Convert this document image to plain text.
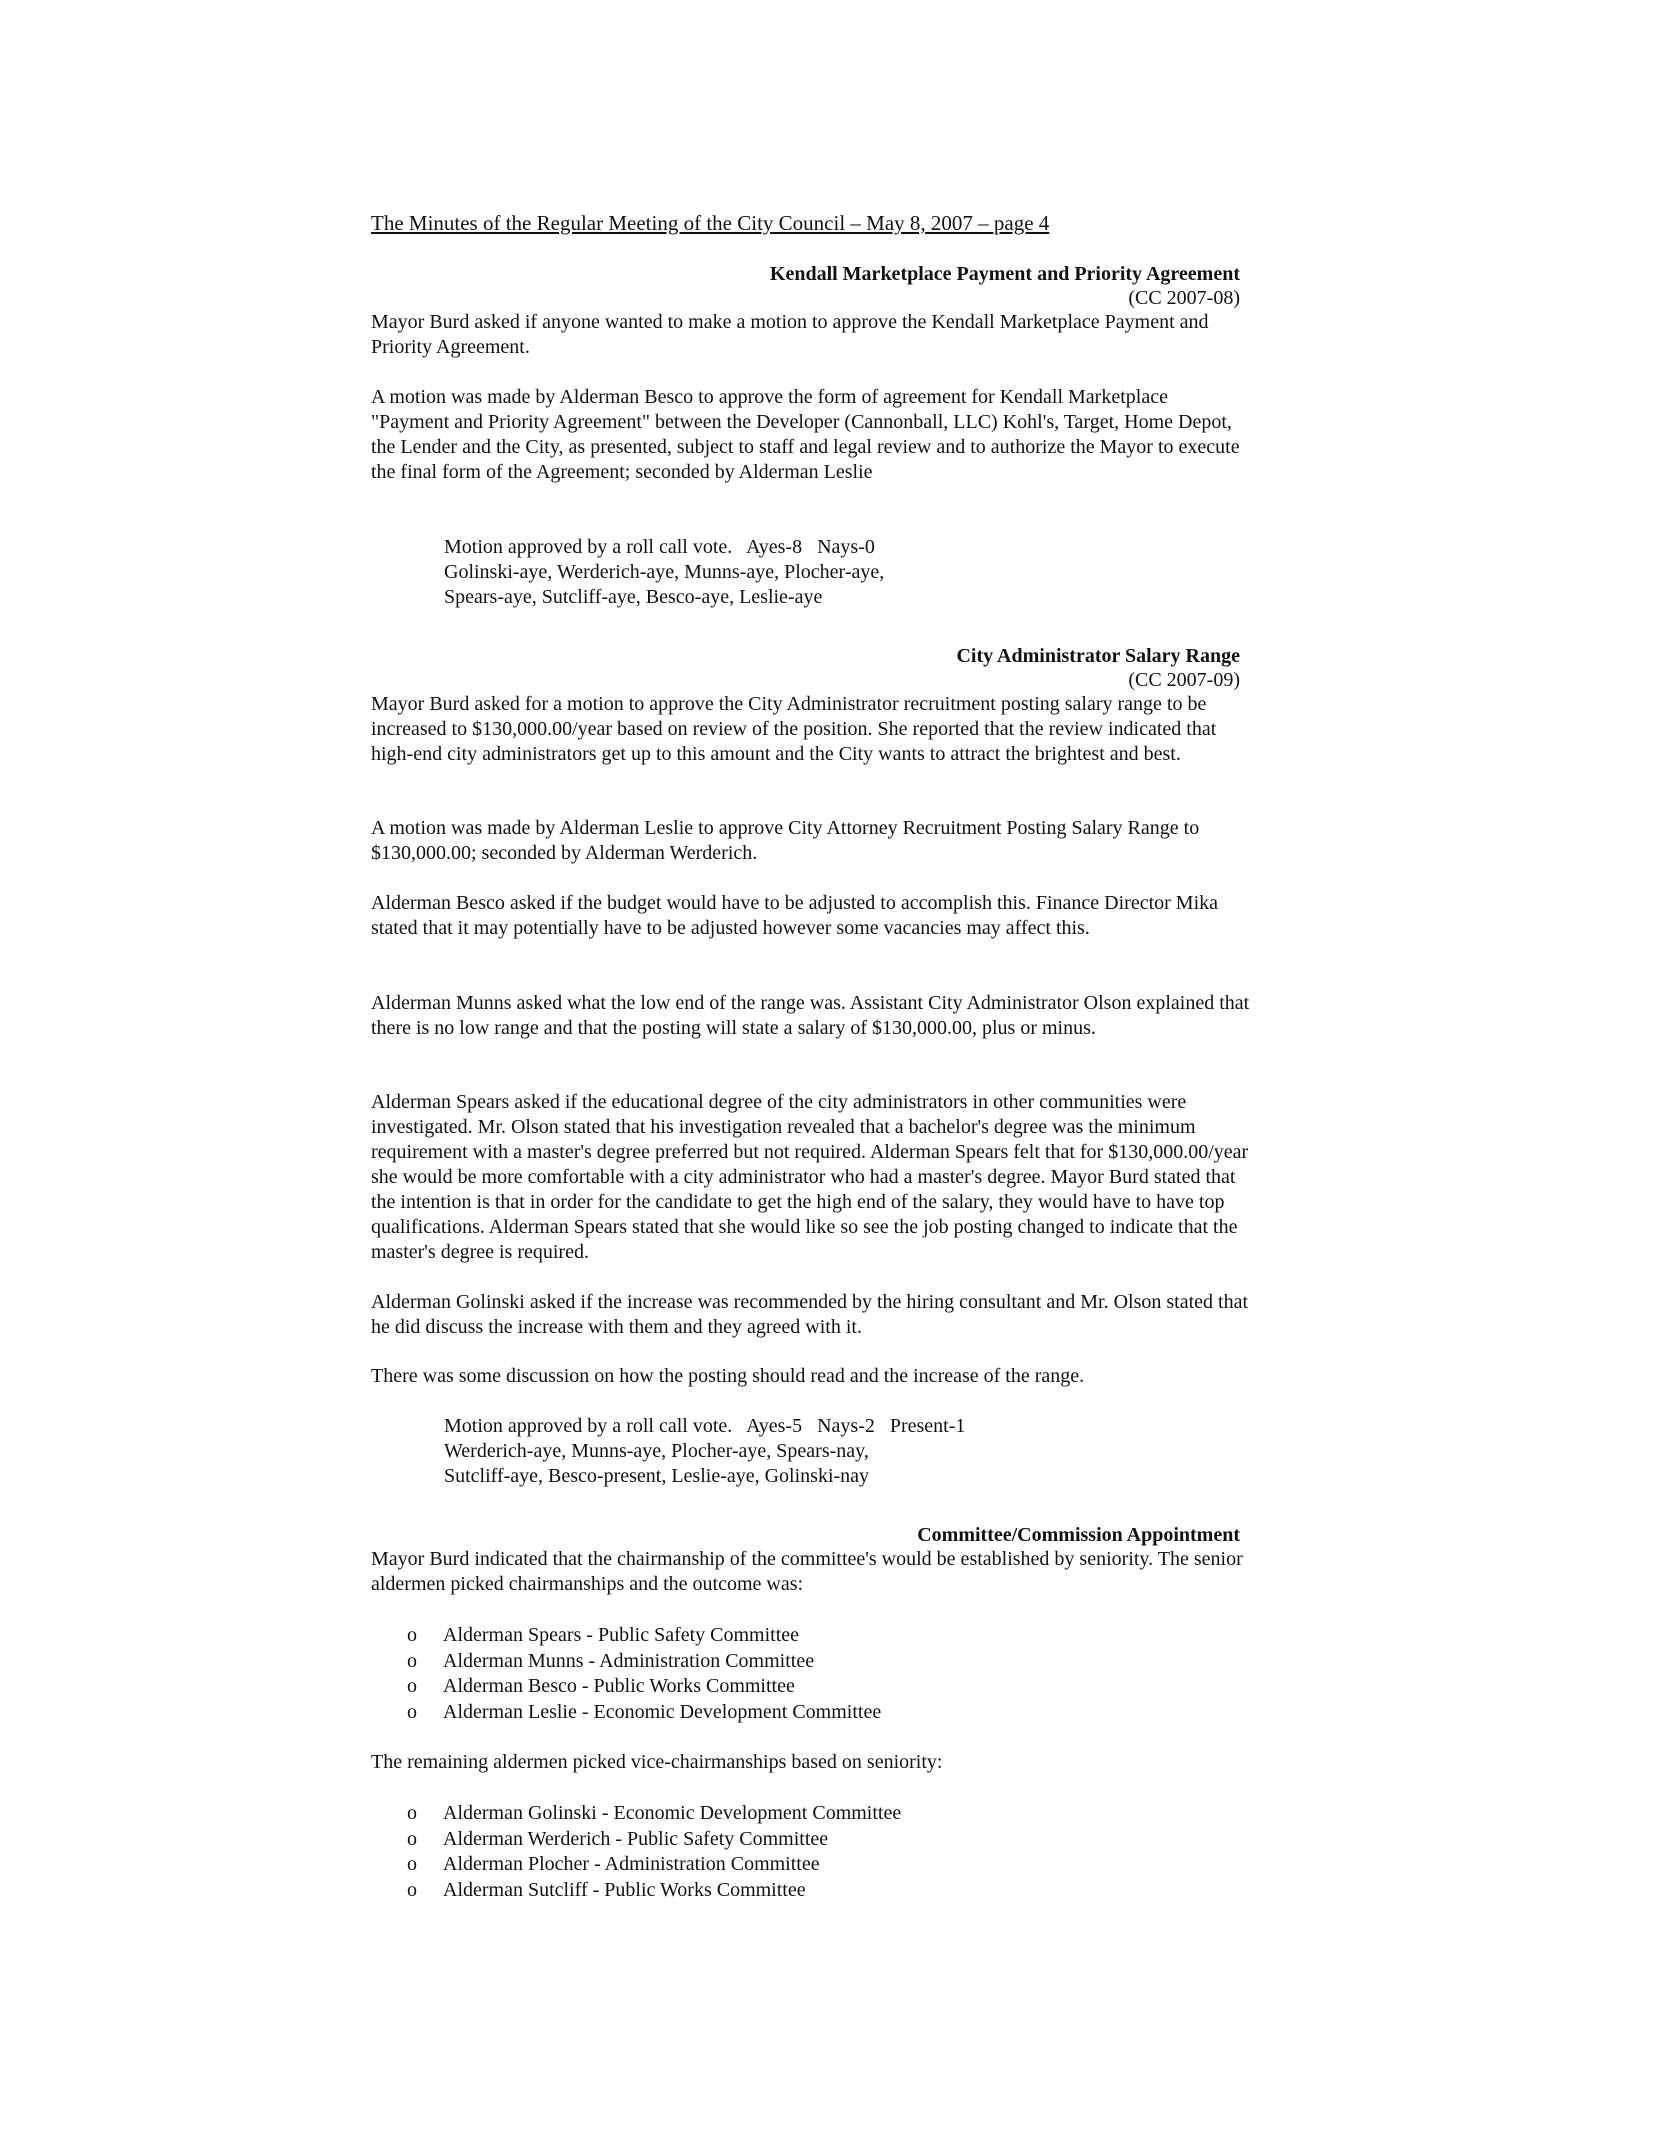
The Minutes of the Regular Meeting of the City Council – May 8, 2007 – page 4
Kendall Marketplace Payment and Priority Agreement
(CC 2007-08)

Mayor Burd asked if anyone wanted to make a motion to approve the Kendall Marketplace Payment and Priority Agreement.

A motion was made by Alderman Besco to approve the form of agreement for Kendall Marketplace "Payment and Priority Agreement" between the Developer (Cannonball, LLC) Kohl's, Target, Home Depot, the Lender and the City, as presented, subject to staff and legal review and to authorize the Mayor to execute the final form of the Agreement; seconded by Alderman Leslie

Motion approved by a roll call vote.   Ayes-8   Nays-0
Golinski-aye, Werderich-aye, Munns-aye, Plocher-aye,
Spears-aye, Sutcliff-aye, Besco-aye, Leslie-aye
City Administrator Salary Range
(CC 2007-09)

Mayor Burd asked for a motion to approve the City Administrator recruitment posting salary range to be increased to $130,000.00/year based on review of the position. She reported that the review indicated that high-end city administrators get up to this amount and the City wants to attract the brightest and best.

A motion was made by Alderman Leslie to approve City Attorney Recruitment Posting Salary Range to $130,000.00; seconded by Alderman Werderich.

Alderman Besco asked if the budget would have to be adjusted to accomplish this. Finance Director Mika stated that it may potentially have to be adjusted however some vacancies may affect this.

Alderman Munns asked what the low end of the range was. Assistant City Administrator Olson explained that there is no low range and that the posting will state a salary of $130,000.00, plus or minus.

Alderman Spears asked if the educational degree of the city administrators in other communities were investigated. Mr. Olson stated that his investigation revealed that a bachelor's degree was the minimum requirement with a master's degree preferred but not required. Alderman Spears felt that for $130,000.00/year she would be more comfortable with a city administrator who had a master's degree. Mayor Burd stated that the intention is that in order for the candidate to get the high end of the salary, they would have to have top qualifications. Alderman Spears stated that she would like so see the job posting changed to indicate that the master's degree is required.

Alderman Golinski asked if the increase was recommended by the hiring consultant and Mr. Olson stated that he did discuss the increase with them and they agreed with it.

There was some discussion on how the posting should read and the increase of the range.

Motion approved by a roll call vote.   Ayes-5   Nays-2   Present-1
Werderich-aye, Munns-aye, Plocher-aye, Spears-nay,
Sutcliff-aye, Besco-present, Leslie-aye, Golinski-nay
Committee/Commission Appointment

Mayor Burd indicated that the chairmanship of the committee's would be established by seniority. The senior aldermen picked chairmanships and the outcome was:

o Alderman Spears - Public Safety Committee
o Alderman Munns - Administration Committee
o Alderman Besco - Public Works Committee
o Alderman Leslie - Economic Development Committee

The remaining aldermen picked vice-chairmanships based on seniority:

o Alderman Golinski - Economic Development Committee
o Alderman Werderich - Public Safety Committee
o Alderman Plocher - Administration Committee
o Alderman Sutcliff - Public Works Committee
